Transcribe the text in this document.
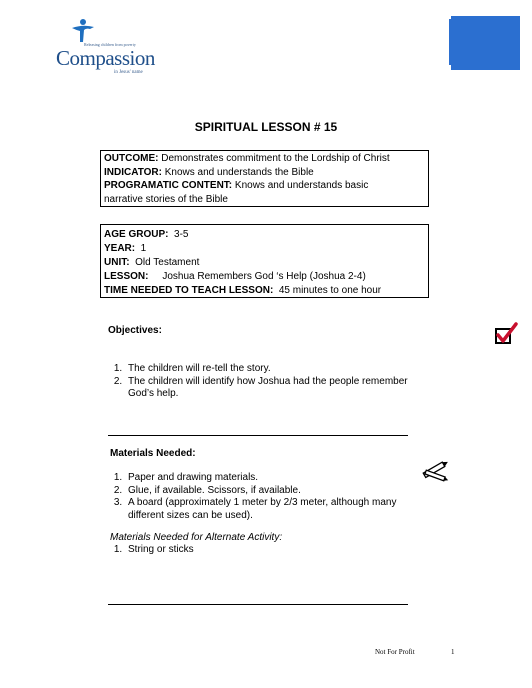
Releasing children from poverty
Compassion
in Jesus' name
SPIRITUAL LESSON # 15
OUTCOME: Demonstrates commitment to the Lordship of Christ
INDICATOR: Knows and understands the Bible
PROGRAMATIC CONTENT: Knows and understands basic
narrative stories of the Bible
AGE GROUP:  3-5
YEAR:  1
UNIT:  Old Testament
LESSON:     Joshua Remembers God ‘s Help (Joshua 2-4)
TIME NEEDED TO TEACH LESSON:  45 minutes to one hour
Objectives:
1. The children will re-tell the story.
2. The children will identify how Joshua had the people remember God’s help.
Materials Needed:
1. Paper and drawing materials.
2. Glue, if available. Scissors, if available.
3. A board (approximately 1 meter by 2/3 meter, although many different sizes can be used).
Materials Needed for Alternate Activity:
1. String or sticks
Not For Profit	1
